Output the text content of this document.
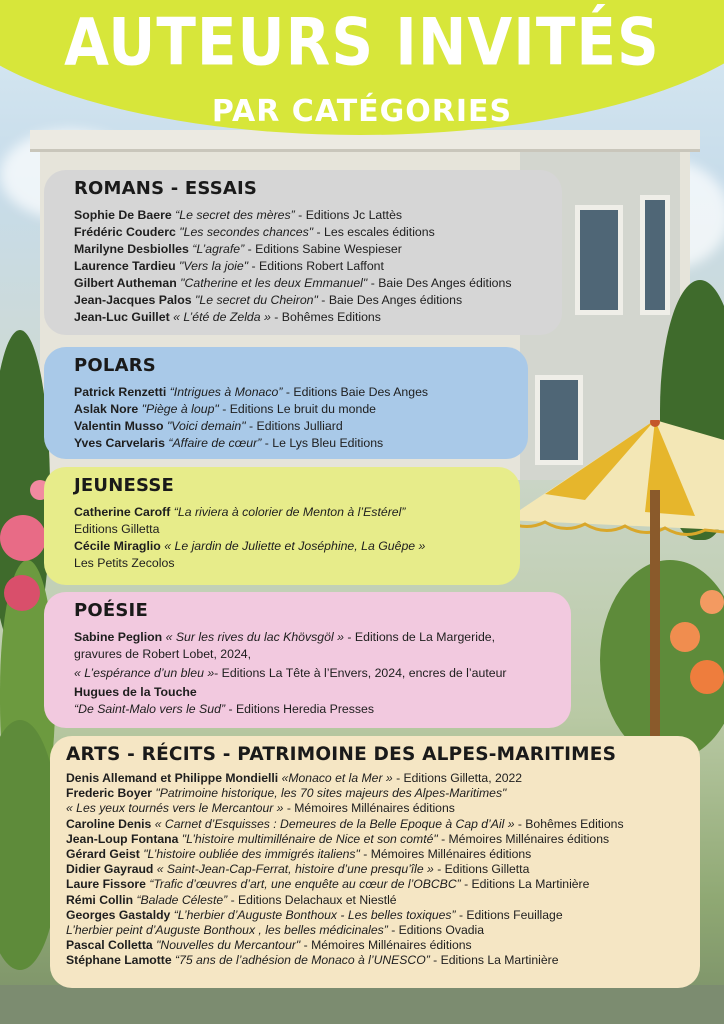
AUTEURS INVITÉS
PAR CATÉGORIES
ROMANS - ESSAIS
Sophie De Baere “Le secret des mères” - Editions Jc Lattès
Frédéric Couderc "Les secondes chances" - Les escales éditions
Marilyne Desbiolles “L’agrafe” - Editions Sabine Wespieser
Laurence Tardieu "Vers la joie" - Editions Robert Laffont
Gilbert Autheman "Catherine et les deux Emmanuel" - Baie Des Anges éditions
Jean-Jacques Palos "Le secret du Cheiron" - Baie Des Anges éditions
Jean-Luc Guillet « L’été de Zelda » - Bohêmes Editions
POLARS
Patrick Renzetti “Intrigues à Monaco” - Editions Baie Des Anges
Aslak Nore "Piège à loup" - Editions Le bruit du monde
Valentin Musso "Voici demain" - Editions Julliard
Yves Carvelaris “Affaire de cœur” - Le Lys Bleu Editions
JEUNESSE
Catherine Caroff “La riviera à colorier de Menton à l’Estérel”
Editions Gilletta
Cécile Miraglio « Le jardin de Juliette et Joséphine, La Guêpe »
Les Petits Zecolos
POÉSIE
Sabine Peglion « Sur les rives du lac Khövsgöl » - Editions de La Margeride,
gravures de Robert Lobet, 2024,
« L’espérance d’un bleu »- Editions La Tête à l’Envers, 2024, encres de l’auteur
Hugues de la Touche
“De Saint-Malo vers le Sud” - Editions Heredia Presses
ARTS - RÉCITS - PATRIMOINE DES ALPES-MARITIMES
Denis Allemand et Philippe Mondielli «Monaco et la Mer » - Editions Gilletta, 2022
Frederic Boyer "Patrimoine historique, les 70 sites majeurs des Alpes-Maritimes"
« Les yeux tournés vers le Mercantour » - Mémoires Millénaires éditions
Caroline Denis « Carnet d’Esquisses : Demeures de la Belle Epoque à Cap d’Ail » - Bohêmes Editions
Jean-Loup Fontana "L’histoire multimillénaire de Nice et son comté" - Mémoires Millénaires éditions
Gérard Geist "L’histoire oubliée des immigrés italiens" - Mémoires Millénaires éditions
Didier Gayraud « Saint-Jean-Cap-Ferrat, histoire d’une presqu’île » - Editions Gilletta
Laure Fissore “Trafic d’œuvres d’art, une enquête au cœur de l’OBCBC” - Editions La Martinière
Rémi Collin “Balade Céleste” - Editions Delachaux et Niestlé
Georges Gastaldy “L’herbier d’Auguste Bonthoux - Les belles toxiques” - Editions Feuillage
L’herbier peint d’Auguste Bonthoux , les belles médicinales” - Editions Ovadia
Pascal Colletta "Nouvelles du Mercantour" - Mémoires Millénaires éditions
Stéphane Lamotte “75 ans de l’adhésion de Monaco à l’UNESCO” - Editions La Martinière
